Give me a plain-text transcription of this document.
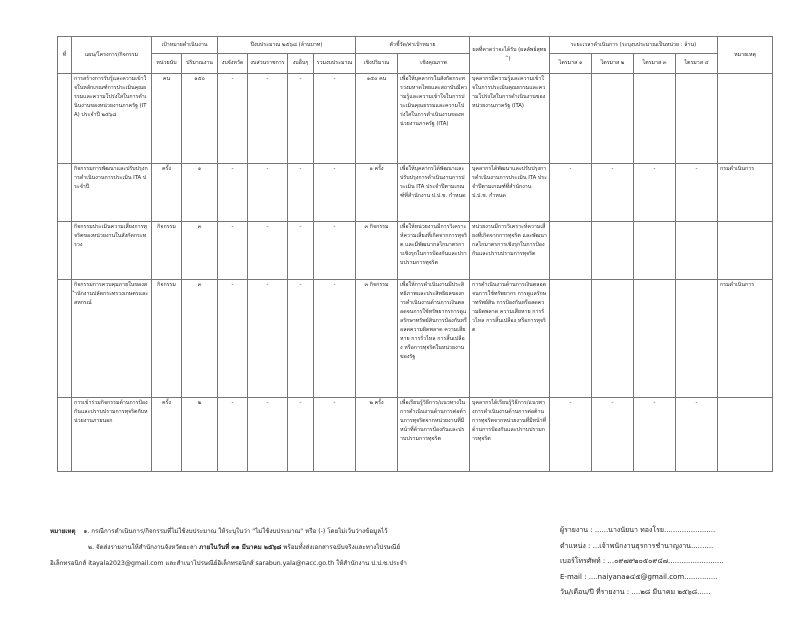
ที่	แผน/โครงการ/กิจกรรม	เป้าหมายดำเนินงาน		ปีงบประมาณ ๒๕๖๘ (ล้านบาท)				ตัวชี้วัด/ค่าเป้าหมาย		ผลที่คาดว่าจะได้รับ (ผลลัพธ์สุทธิ)	ระยะเวลาดำเนินการ (ระบุงบประมาณเป็นหน่วย : ล้าน)				หมายเหตุ
		หน่วยนับ	ปริมาณงาน	งบจังหวัด	งบส่วนราชการ	งบอื่นๆ	รวมงบประมาณ	เชิงปริมาณ	เชิงคุณภาพ		ไตรมาส ๑	ไตรมาส ๒	ไตรมาส ๓	ไตรมาส ๔	
	การสร้างการรับรู้และความเข้าใจในหลักเกณฑ์การประเมินคุณธรรมและความโปร่งใสในการดำเนินงานของหน่วยงานภาครัฐ (ITA) ประจำปี ๒๕๖๘	คน	๑๕๐	-	-	-	-	๑๕๐ คน	เพื่อให้บุคลากรในสังกัดกระทรวงมหาดไทยและสถาบันมีความรู้และความเข้าใจในการประเมินคุณธรรมและความโปร่งใสในการดำเนินงานของหน่วยงานภาครัฐ (ITA)	บุคลากรมีความรู้และความเข้าใจในการประเมินคุณธรรมและความโปร่งใสในการดำเนินงานของหน่วยงานภาครัฐ (ITA)					
	กิจกรรมการพัฒนาและปรับปรุงการดำเนินงานการประเมิน ITA ประจำปี	ครั้ง	๑	-	-	-	-	๑ ครั้ง	เพื่อให้บุคลากรได้พัฒนาและปรับปรุงการดำเนินงานการประเมิน ITA ประจำปีตามเกณฑ์ที่สำนักงาน ป.ป.ช. กำหนด	บุคลากรได้พัฒนาและปรับปรุงการดำเนินงานการประเมิน ITA ประจำปีตามเกณฑ์ที่สำนักงาน ป.ป.ช. กำหนด	-	-	-	-	กรมดำเนินการ
	กิจกรรมประเมินความเสี่ยงการทุจริตของหน่วยงานในสังกัดกระทรวง	กิจกรรม	๓	-	-	-	-	๓ กิจกรรม	เพื่อให้หน่วยงานมีการวิเคราะห์ความเสี่ยงที่เกิดจากการทุจริต และมีพัฒนากลไกมาตรการเชิงรุกในการป้องกันและปราบปรามการทุจริต	หน่วยงานมีการวิเคราะห์ความเสี่ยงที่เกิดจากการทุจริต และพัฒนากลไกมาตรการเชิงรุกในการป้องกันและปราบปรามการทุจริต					
	กิจกรรมการควบคุมภายในของสำนักงานปลัดกระทรวงเกษตรและสหกรณ์	กิจกรรม	๓	-	-	-	-	๓ กิจกรรม	เพื่อให้การดำเนินงานมีประสิทธิภาพและประสิทธิผลของการดำเนินงานด้านการเงินตลอดจนการใช้ทรัพยากรการดูแลรักษาทรัพย์สินการป้องกันหรือลดความผิดพลาด ความเสียหาย การรั่วไหล การสิ้นเปลือง หรือการทุจริตในหน่วยงานของรัฐ	การดำเนินงานด้านการเงินตลอดจนการใช้ทรัพยากร การดูแลรักษาทรัพย์สิน การป้องกันหรือลดความผิดพลาด ความเสียหาย การรั่วไหล การสิ้นเปลือง หรือการทุจริต					กรมดำเนินการ
	การเข้าร่วมกิจกรรมด้านการป้องกันและปราบปรามการทุจริตกับหน่วยงานภายนอก	ครั้ง	๒	-	-	-	-	๒ ครั้ง	เพื่อเรียนรู้วิธีการ/แนวทางในการดำเนินงานด้านการต่อต้านการทุจริตจากหน่วยงานที่มีหน้าที่ด้านการป้องกันและปราบปรามการทุจริต	บุคลากรได้เรียนรู้วิธีการ/แนวทางการดำเนินงานด้านการต่อต้านการทุจริตจากหน่วยงานที่มีหน้าที่ด้านการป้องกันและปราบปรามการทุจริต	-	-	-	-	
หมายเหตุ ๑. กรณีการดำเนินการ/กิจกรรมที่ไม่ใช้งบประมาณ ให้ระบุในว่า "ไม่ใช้งบประมาณ" หรือ (-) โดยไม่เว้นว่างข้อมูลไว้
๒. จัดส่งรายงานให้สำนักงานจังหวัดยะลา ภายในวันที่ ๓๑ มีนาคม ๒๕๖๘ พร้อมทั้งส่งเอกสารฉบับจริงและทางไปรษณีย์
อิเล็กทรอนิกส์ itayala2023@gmail.com และสำเนาไปรษณีย์อิเล็กทรอนิกส์ sarabun.yala@nacc.go.th ให้สำนักงาน ป.ป.ช.ประจำ
ผู้รายงาน : ......นางนัยนา ทองโรย.......................
ตำแหน่ง : ...เจ้าพนักงานธุรการชำนาญงาน..........
เบอร์โทรศัพท์ : ...๐๙๗๙๒๐๕๐๙๔๗.........................
E-mail : ....naiyana๑๔๕@gmail.com...............
วัน/เดือน/ปี ที่รายงาน : ....๒๘ มีนาคม ๒๕๖๘......
